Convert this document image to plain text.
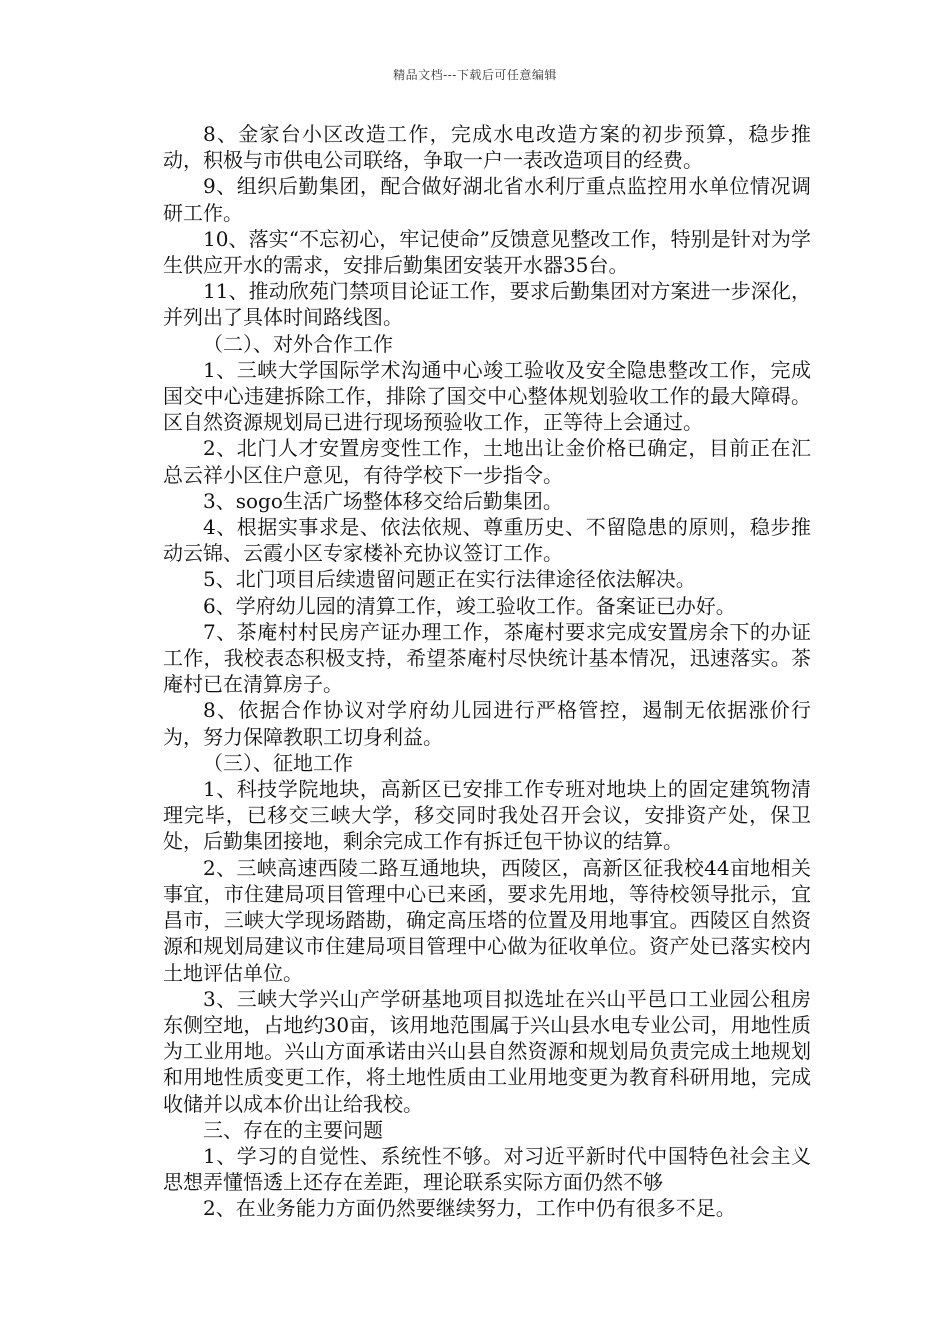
精品文档---下载后可任意编辑

8、金家台小区改造工作，完成水电改造方案的初步预算，稳步推动，积极与市供电公司联络，争取一户一表改造项目的经费。

9、组织后勤集团，配合做好湖北省水利厅重点监控用水单位情况调研工作。

10、落实“不忘初心，牢记使命”反馈意见整改工作，特别是针对为学生供应开水的需求，安排后勤集团安装开水器35台。

11、推动欣苑门禁项目论证工作，要求后勤集团对方案进一步深化，并列出了具体时间路线图。

（二）、对外合作工作

1、三峡大学国际学术沟通中心竣工验收及安全隐患整改工作，完成国交中心违建拆除工作，排除了国交中心整体规划验收工作的最大障碍。区自然资源规划局已进行现场预验收工作，正等待上会通过。

2、北门人才安置房变性工作，土地出让金价格已确定，目前正在汇总云祥小区住户意见，有待学校下一步指令。

3、sogo生活广场整体移交给后勤集团。

4、根据实事求是、依法依规、尊重历史、不留隐患的原则，稳步推动云锦、云霞小区专家楼补充协议签订工作。

5、北门项目后续遗留问题正在实行法律途径依法解决。

6、学府幼儿园的清算工作，竣工验收工作。备案证已办好。

7、茶庵村村民房产证办理工作，茶庵村要求完成安置房余下的办证工作，我校表态积极支持，希望茶庵村尽快统计基本情况，迅速落实。茶庵村已在清算房子。

8、依据合作协议对学府幼儿园进行严格管控，遏制无依据涨价行为，努力保障教职工切身利益。

（三）、征地工作

1、科技学院地块，高新区已安排工作专班对地块上的固定建筑物清理完毕，已移交三峡大学，移交同时我处召开会议，安排资产处，保卫处，后勤集团接地，剩余完成工作有拆迁包干协议的结算。

2、三峡高速西陵二路互通地块，西陵区，高新区征我校44亩地相关事宜，市住建局项目管理中心已来函，要求先用地，等待校领导批示，宜昌市，三峡大学现场踏勘，确定高压塔的位置及用地事宜。西陵区自然资源和规划局建议市住建局项目管理中心做为征收单位。资产处已落实校内土地评估单位。

3、三峡大学兴山产学研基地项目拟选址在兴山平邑口工业园公租房东侧空地，占地约30亩，该用地范围属于兴山县水电专业公司，用地性质为工业用地。兴山方面承诺由兴山县自然资源和规划局负责完成土地规划和用地性质变更工作，将土地性质由工业用地变更为教育科研用地，完成收储并以成本价出让给我校。

三、存在的主要问题

1、学习的自觉性、系统性不够。对习近平新时代中国特色社会主义思想弄懂悟透上还存在差距，理论联系实际方面仍然不够

2、在业务能力方面仍然要继续努力，工作中仍有很多不足。
